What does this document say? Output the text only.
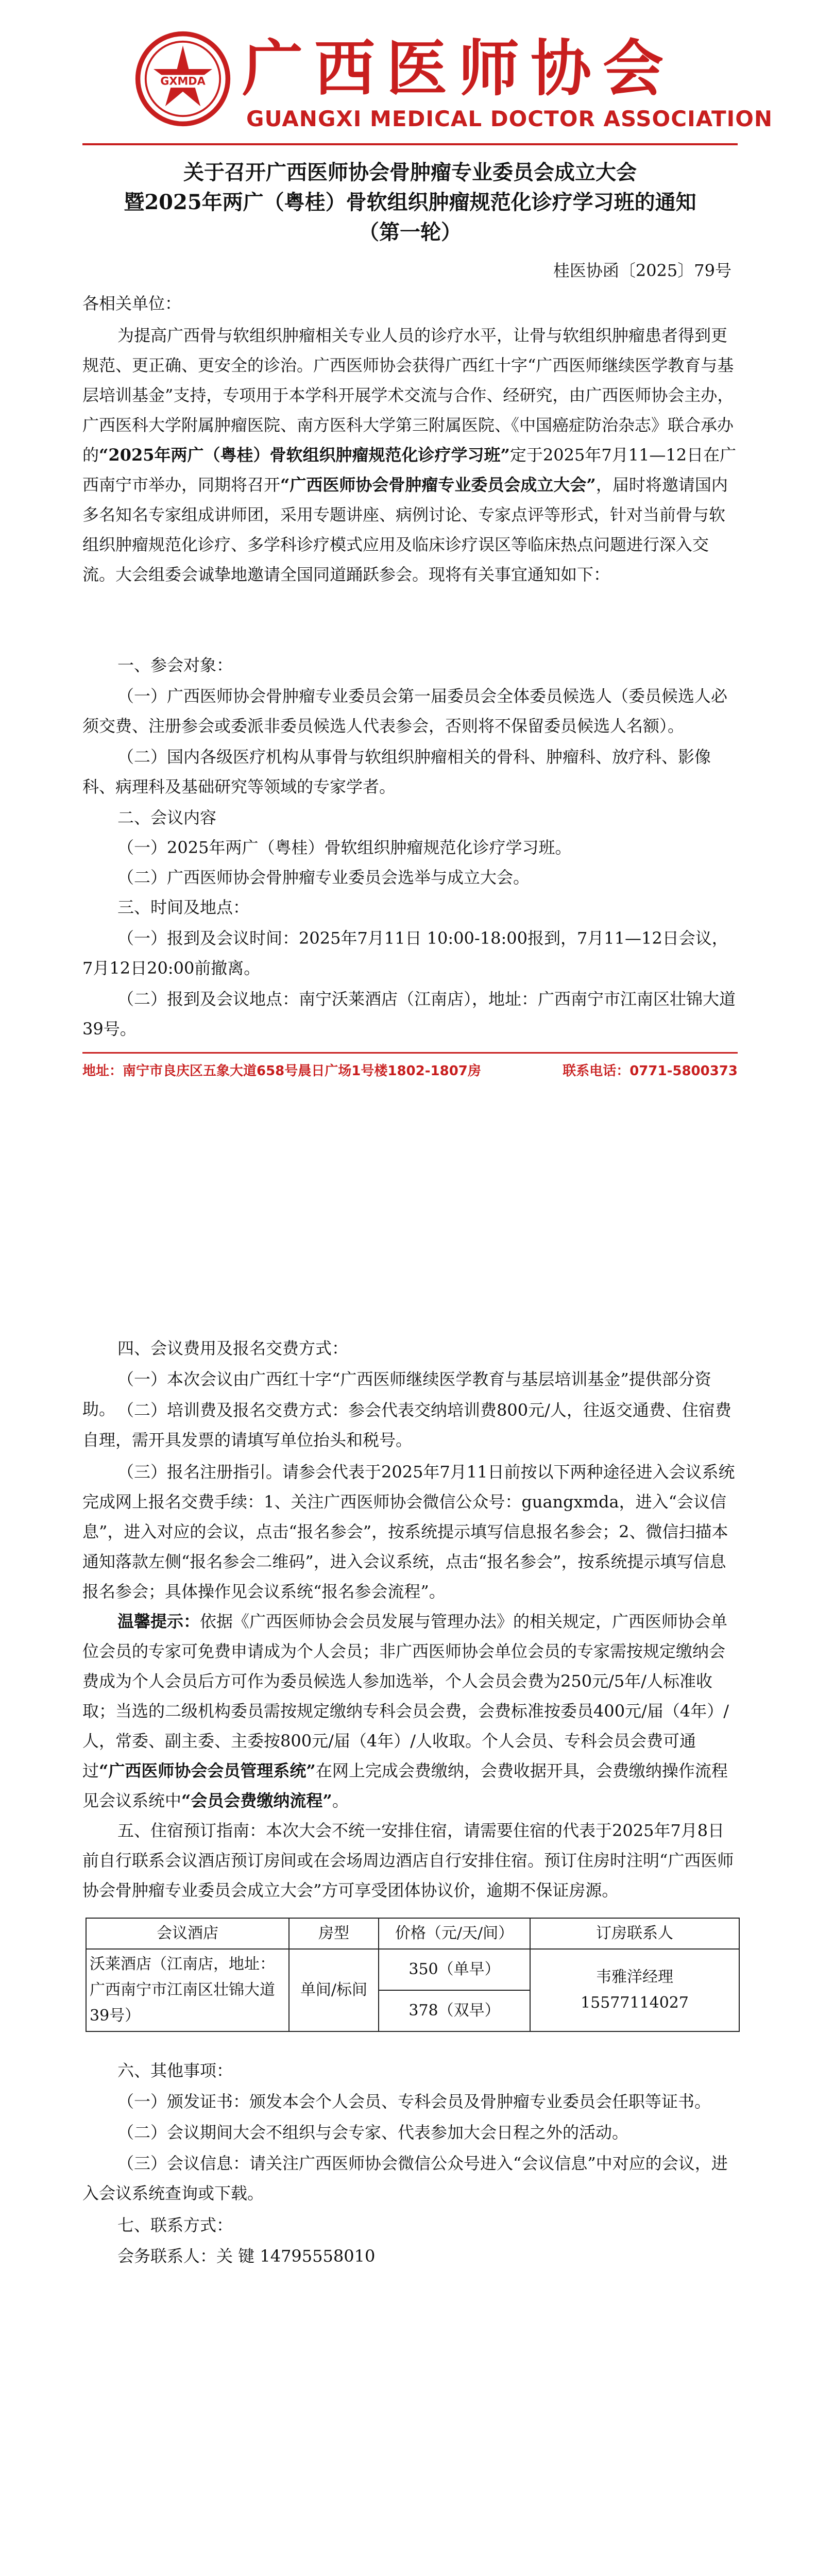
GXMDA 广西医师协会
GUANGXI MEDICAL DOCTOR ASSOCIATION
关于召开广西医师协会骨肿瘤专业委员会成立大会
暨2025年两广（粤桂）骨软组织肿瘤规范化诊疗学习班的通知
（第一轮）
桂医协函〔2025〕79号
各相关单位：
为提高广西骨与软组织肿瘤相关专业人员的诊疗水平，让骨与软组织肿瘤患者得到更规范、更正确、更安全的诊治。广西医师协会获得广西红十字“广西医师继续医学教育与基层培训基金”支持，专项用于本学科开展学术交流与合作、经研究，由广西医师协会主办，广西医科大学附属肿瘤医院、南方医科大学第三附属医院、《中国癌症防治杂志》联合承办的“2025年两广（粤桂）骨软组织肿瘤规范化诊疗学习班”定于2025年7月11—12日在广西南宁市举办，同期将召开“广西医师协会骨肿瘤专业委员会成立大会”，届时将邀请国内多名知名专家组成讲师团，采用专题讲座、病例讨论、专家点评等形式，针对当前骨与软组织肿瘤规范化诊疗、多学科诊疗模式应用及临床诊疗误区等临床热点问题进行深入交流。大会组委会诚挚地邀请全国同道踊跃参会。现将有关事宜通知如下：
一、参会对象：
（一）广西医师协会骨肿瘤专业委员会第一届委员会全体委员候选人（委员候选人必须交费、注册参会或委派非委员候选人代表参会，否则将不保留委员候选人名额）。
（二）国内各级医疗机构从事骨与软组织肿瘤相关的骨科、肿瘤科、放疗科、影像科、病理科及基础研究等领域的专家学者。
二、会议内容
（一）2025年两广（粤桂）骨软组织肿瘤规范化诊疗学习班。
（二）广西医师协会骨肿瘤专业委员会选举与成立大会。
三、时间及地点：
（一）报到及会议时间：2025年7月11日 10:00-18:00报到，7月11—12日会议，7月12日20:00前撤离。
（二）报到及会议地点：南宁沃莱酒店（江南店），地址：广西南宁市江南区壮锦大道39号。
地址：南宁市良庆区五象大道658号晨日广场1号楼1802-1807房	联系电话：0771-5800373
四、会议费用及报名交费方式：
（一）本次会议由广西红十字“广西医师继续医学教育与基层培训基金”提供部分资助。 （二）培训费及报名交费方式：参会代表交纳培训费800元/人，往返交通费、住宿费自理，需开具发票的请填写单位抬头和税号。
（三）报名注册指引。请参会代表于2025年7月11日前按以下两种途径进入会议系统完成网上报名交费手续：1、关注广西医师协会微信公众号：guangxmda，进入“会议信息”，进入对应的会议，点击“报名参会”，按系统提示填写信息报名参会；2、微信扫描本通知落款左侧“报名参会二维码”，进入会议系统，点击“报名参会”，按系统提示填写信息报名参会；具体操作见会议系统“报名参会流程”。
温馨提示：依据《广西医师协会会员发展与管理办法》的相关规定，广西医师协会单位会员的专家可免费申请成为个人会员；非广西医师协会单位会员的专家需按规定缴纳会费成为个人会员后方可作为委员候选人参加选举，个人会员会费为250元/5年/人标准收取；当选的二级机构委员需按规定缴纳专科会员会费，会费标准按委员400元/届（4年）/人，常委、副主委、主委按800元/届（4年）/人收取。个人会员、专科会员会费可通过“广西医师协会会员管理系统”在网上完成会费缴纳，会费收据开具，会费缴纳操作流程见会议系统中“会员会费缴纳流程”。
五、住宿预订指南：本次大会不统一安排住宿，请需要住宿的代表于2025年7月8日前自行联系会议酒店预订房间或在会场周边酒店自行安排住宿。预订住房时注明“广西医师协会骨肿瘤专业委员会成立大会”方可享受团体协议价，逾期不保证房源。
会议酒店	房型	价格（元/天/间）	订房联系人
沃莱酒店（江南店，地址：广西南宁市江南区壮锦大道39号）	单间/标间	350（单早）	韦雅洋经理
15577114027

		378（双早）	
六、其他事项：
（一）颁发证书：颁发本会个人会员、专科会员及骨肿瘤专业委员会任职等证书。
（二）会议期间大会不组织与会专家、代表参加大会日程之外的活动。
（三）会议信息：请关注广西医师协会微信公众号进入“会议信息”中对应的会议，进入会议系统查询或下载。
七、联系方式：
会务联系人：关 键 14795558010
